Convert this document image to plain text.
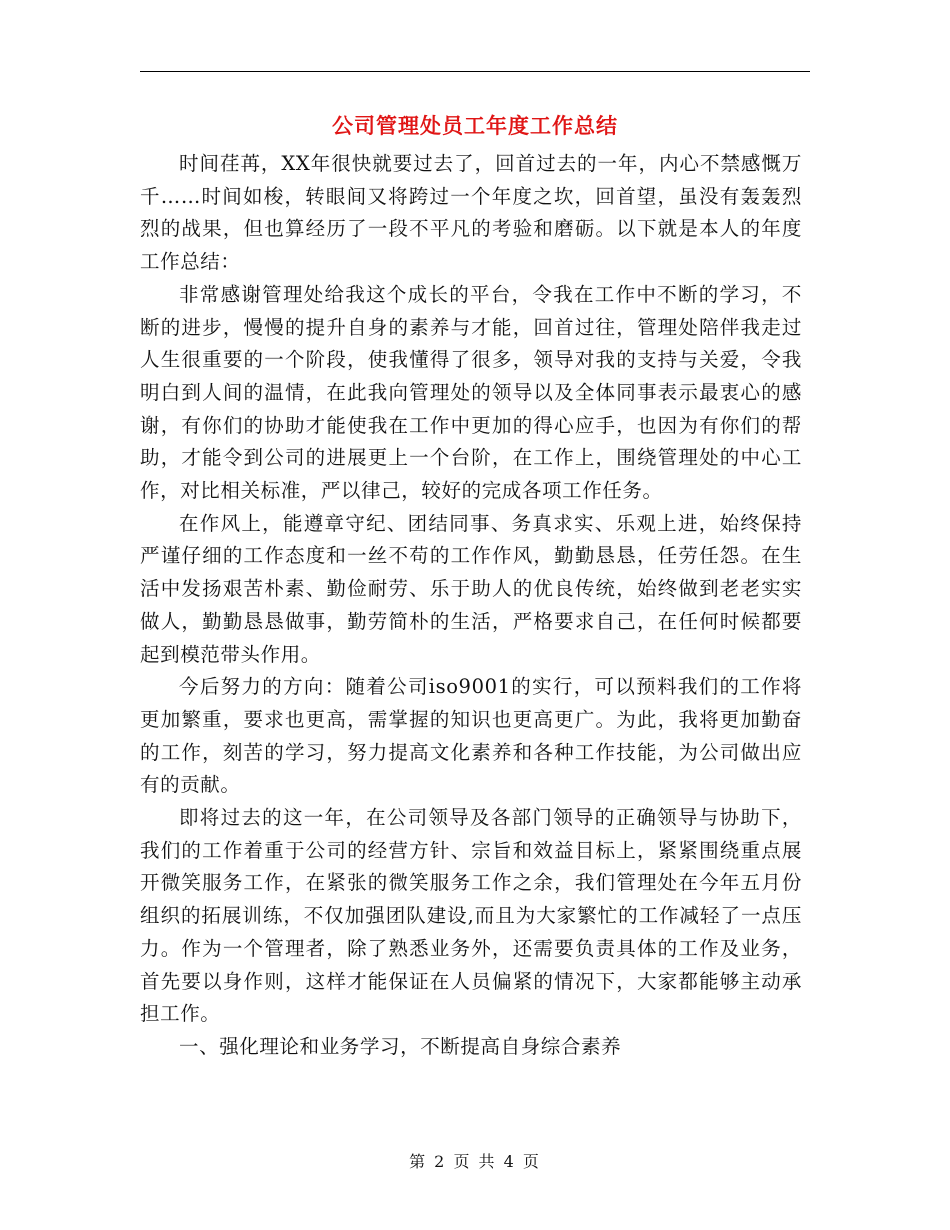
公司管理处员工年度工作总结

时间荏苒，XX年很快就要过去了，回首过去的一年，内心不禁感慨万千……时间如梭，转眼间又将跨过一个年度之坎，回首望，虽没有轰轰烈烈的战果，但也算经历了一段不平凡的考验和磨砺。以下就是本人的年度工作总结：

非常感谢管理处给我这个成长的平台，令我在工作中不断的学习，不断的进步，慢慢的提升自身的素养与才能，回首过往，管理处陪伴我走过人生很重要的一个阶段，使我懂得了很多，领导对我的支持与关爱，令我明白到人间的温情，在此我向管理处的领导以及全体同事表示最衷心的感谢，有你们的协助才能使我在工作中更加的得心应手，也因为有你们的帮助，才能令到公司的进展更上一个台阶，在工作上，围绕管理处的中心工作，对比相关标准，严以律己，较好的完成各项工作任务。

在作风上，能遵章守纪、团结同事、务真求实、乐观上进，始终保持严谨仔细的工作态度和一丝不苟的工作作风，勤勤恳恳，任劳任怨。在生活中发扬艰苦朴素、勤俭耐劳、乐于助人的优良传统，始终做到老老实实做人，勤勤恳恳做事，勤劳简朴的生活，严格要求自己，在任何时候都要起到模范带头作用。

今后努力的方向：随着公司iso9001的实行，可以预料我们的工作将更加繁重，要求也更高，需掌握的知识也更高更广。为此，我将更加勤奋的工作，刻苦的学习，努力提高文化素养和各种工作技能，为公司做出应有的贡献。

即将过去的这一年，在公司领导及各部门领导的正确领导与协助下，我们的工作着重于公司的经营方针、宗旨和效益目标上，紧紧围绕重点展开微笑服务工作，在紧张的微笑服务工作之余，我们管理处在今年五月份组织的拓展训练，不仅加强团队建设,而且为大家繁忙的工作减轻了一点压力。作为一个管理者，除了熟悉业务外，还需要负责具体的工作及业务，首先要以身作则，这样才能保证在人员偏紧的情况下，大家都能够主动承担工作。

一、强化理论和业务学习，不断提高自身综合素养

第 2 页 共 4 页
